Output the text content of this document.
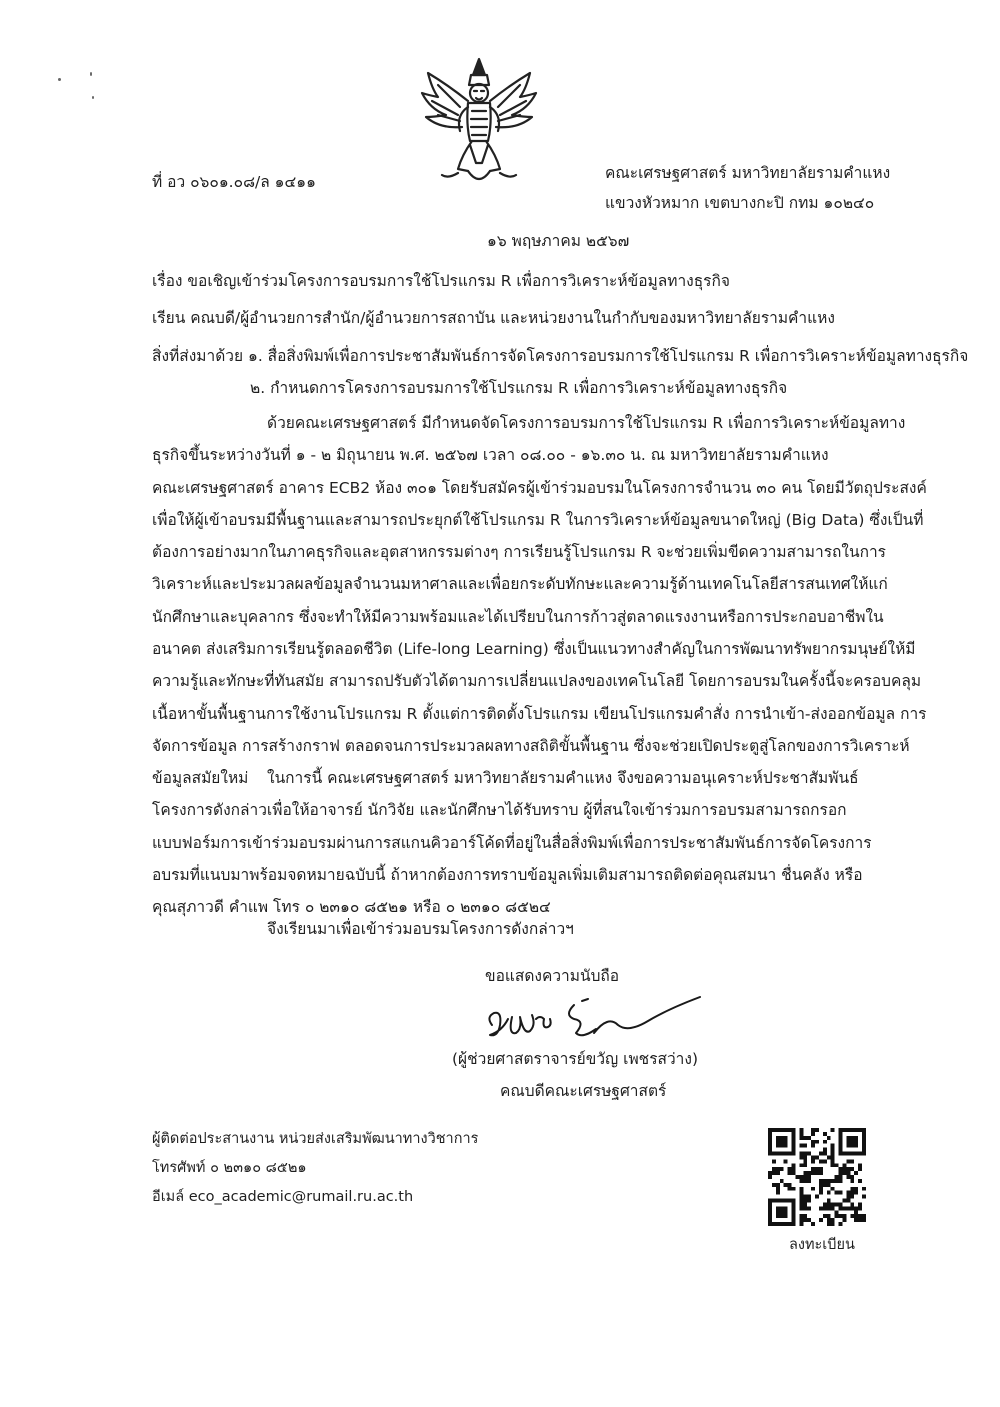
ที่ อว ๐๖๐๑.๐๘/ล ๑๔๑๑	คณะเศรษฐศาสตร์ มหาวิทยาลัยรามคำแหง
แขวงหัวหมาก เขตบางกะปิ กทม ๑๐๒๔๐
๑๖ พฤษภาคม ๒๕๖๗
เรื่อง ขอเชิญเข้าร่วมโครงการอบรมการใช้โปรแกรม R เพื่อการวิเคราะห์ข้อมูลทางธุรกิจ
เรียน คณบดี/ผู้อำนวยการสำนัก/ผู้อำนวยการสถาบัน และหน่วยงานในกำกับของมหาวิทยาลัยรามคำแหง
สิ่งที่ส่งมาด้วย ๑. สื่อสิ่งพิมพ์เพื่อการประชาสัมพันธ์การจัดโครงการอบรมการใช้โปรแกรม R เพื่อการวิเคราะห์ข้อมูลทางธุรกิจ
๒. กำหนดการโครงการอบรมการใช้โปรแกรม R เพื่อการวิเคราะห์ข้อมูลทางธุรกิจ
ด้วยคณะเศรษฐศาสตร์ มีกำหนดจัดโครงการอบรมการใช้โปรแกรม R เพื่อการวิเคราะห์ข้อมูลทาง
ธุรกิจขึ้นระหว่างวันที่ ๑ - ๒ มิถุนายน พ.ศ. ๒๕๖๗ เวลา ๐๘.๐๐ - ๑๖.๓๐ น. ณ มหาวิทยาลัยรามคำแหง
คณะเศรษฐศาสตร์ อาคาร ECB2 ห้อง ๓๐๑ โดยรับสมัครผู้เข้าร่วมอบรมในโครงการจำนวน ๓๐ คน โดยมีวัตถุประสงค์
เพื่อให้ผู้เข้าอบรมมีพื้นฐานและสามารถประยุกต์ใช้โปรแกรม R ในการวิเคราะห์ข้อมูลขนาดใหญ่ (Big Data) ซึ่งเป็นที่
ต้องการอย่างมากในภาคธุรกิจและอุตสาหกรรมต่างๆ การเรียนรู้โปรแกรม R จะช่วยเพิ่มขีดความสามารถในการ
วิเคราะห์และประมวลผลข้อมูลจำนวนมหาศาลและเพื่อยกระดับทักษะและความรู้ด้านเทคโนโลยีสารสนเทศให้แก่
นักศึกษาและบุคลากร ซึ่งจะทำให้มีความพร้อมและได้เปรียบในการก้าวสู่ตลาดแรงงานหรือการประกอบอาชีพใน
อนาคต ส่งเสริมการเรียนรู้ตลอดชีวิต (Life-long Learning) ซึ่งเป็นแนวทางสำคัญในการพัฒนาทรัพยากรมนุษย์ให้มี
ความรู้และทักษะที่ทันสมัย สามารถปรับตัวได้ตามการเปลี่ยนแปลงของเทคโนโลยี โดยการอบรมในครั้งนี้จะครอบคลุม
เนื้อหาขั้นพื้นฐานการใช้งานโปรแกรม R ตั้งแต่การติดตั้งโปรแกรม เขียนโปรแกรมคำสั่ง การนำเข้า-ส่งออกข้อมูล การ
จัดการข้อมูล การสร้างกราฟ ตลอดจนการประมวลผลทางสถิติขั้นพื้นฐาน ซึ่งจะช่วยเปิดประตูสู่โลกของการวิเคราะห์
ข้อมูลสมัยใหม่	ในการนี้ คณะเศรษฐศาสตร์ มหาวิทยาลัยรามคำแหง จึงขอความอนุเคราะห์ประชาสัมพันธ์
โครงการดังกล่าวเพื่อให้อาจารย์ นักวิจัย และนักศึกษาได้รับทราบ ผู้ที่สนใจเข้าร่วมการอบรมสามารถกรอก
แบบฟอร์มการเข้าร่วมอบรมผ่านการสแกนคิวอาร์โค้ดที่อยู่ในสื่อสิ่งพิมพ์เพื่อการประชาสัมพันธ์การจัดโครงการ
อบรมที่แนบมาพร้อมจดหมายฉบับนี้ ถ้าหากต้องการทราบข้อมูลเพิ่มเติมสามารถติดต่อคุณสมนา ชื่นคลัง หรือ
คุณสุภาวดี คำแพ โทร ๐ ๒๓๑๐ ๘๕๒๑ หรือ ๐ ๒๓๑๐ ๘๕๒๔
จึงเรียนมาเพื่อเข้าร่วมอบรมโครงการดังกล่าวฯ
ขอแสดงความนับถือ
(ผู้ช่วยศาสตราจารย์ขวัญ เพชรสว่าง)
คณบดีคณะเศรษฐศาสตร์
ผู้ติดต่อประสานงาน หน่วยส่งเสริมพัฒนาทางวิชาการ
โทรศัพท์ ๐ ๒๓๑๐ ๘๕๒๑
อีเมล์ eco_academic@rumail.ru.ac.th
ลงทะเบียน
